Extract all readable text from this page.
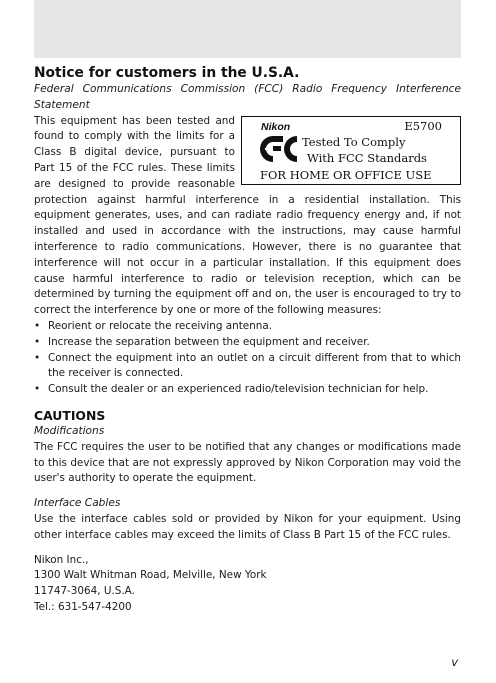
Notice for customers in the U.S.A.

Federal Communications Commission (FCC) Radio Frequency Interference Statement

Nikon	E5700
Tested To Comply
With FCC Standards
FOR HOME OR OFFICE USE

This equipment has been tested and found to comply with the limits for a Class B digital device, pursuant to Part 15 of the FCC rules. These limits are designed to provide reasonable protection against harmful interference in a residential installation. This equipment generates, uses, and can radiate radio frequency energy and, if not installed and used in accordance with the instructions, may cause harmful interference to radio communications. However, there is no guarantee that interference will not occur in a particular installation. If this equipment does cause harmful interference to radio or television reception, which can be determined by turning the equipment off and on, the user is encouraged to try to correct the interference by one or more of the following measures:

• Reorient or relocate the receiving antenna.
• Increase the separation between the equipment and receiver.
• Connect the equipment into an outlet on a circuit different from that to which the receiver is connected.
• Consult the dealer or an experienced radio/television technician for help.
CAUTIONS

Modifications

The FCC requires the user to be notified that any changes or modifications made to this device that are not expressly approved by Nikon Corporation may void the user's authority to operate the equipment.

Interface Cables

Use the interface cables sold or provided by Nikon for your equipment. Using other interface cables may exceed the limits of Class B Part 15 of the FCC rules.

Nikon Inc.,
1300 Walt Whitman Road, Melville, New York
11747-3064, U.S.A.
Tel.: 631-547-4200
v
